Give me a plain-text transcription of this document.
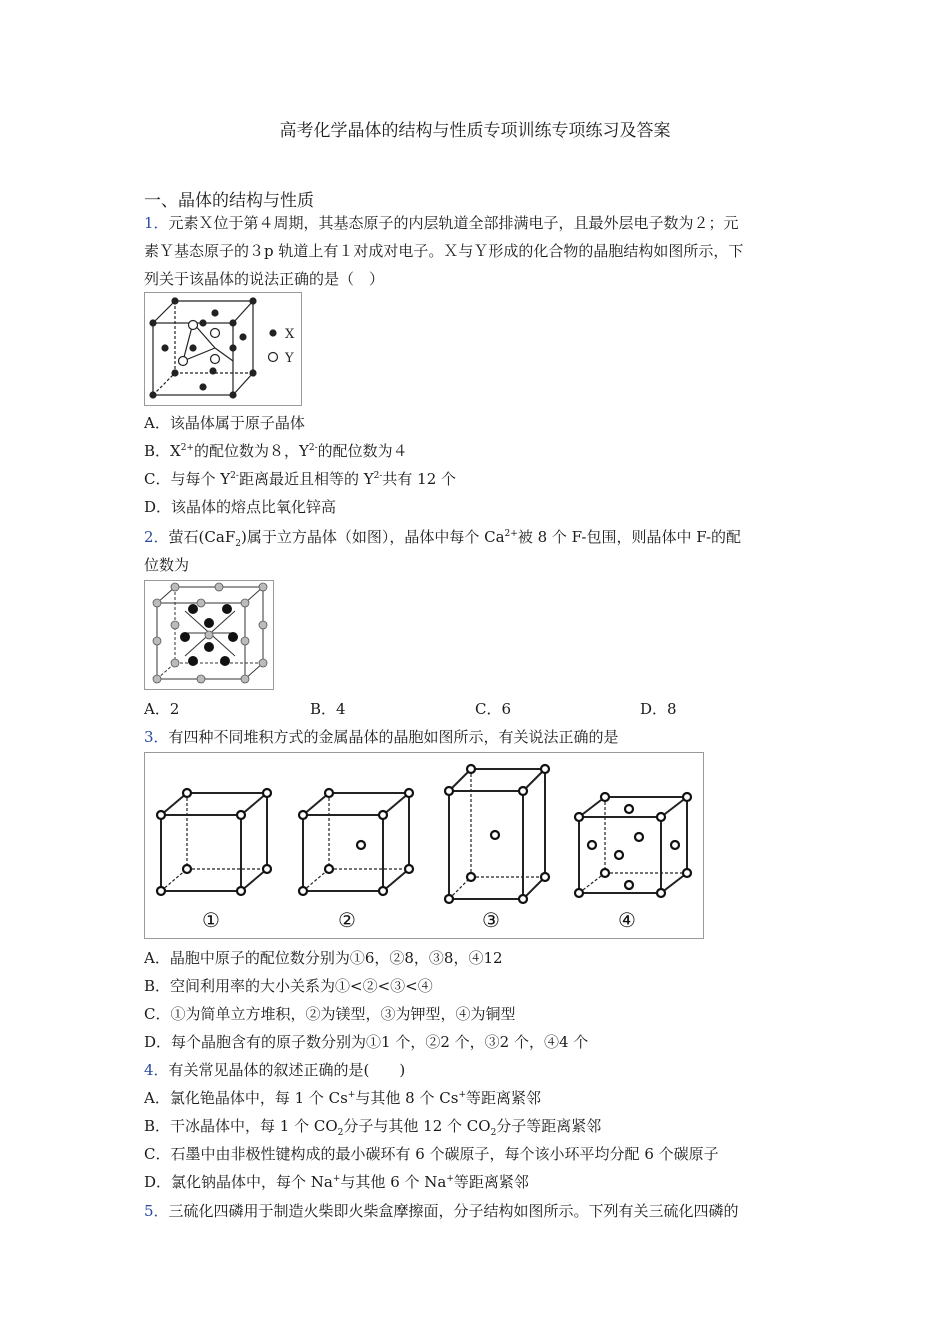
高考化学晶体的结构与性质专项训练专项练习及答案
一、晶体的结构与性质
1．元素Ｘ位于第４周期，其基态原子的内层轨道全部排满电子，且最外层电子数为２；元
素Ｙ基态原子的３p 轨道上有１对成对电子。Ｘ与Ｙ形成的化合物的晶胞结构如图所示，下
列关于该晶体的说法正确的是（　）
X
Y
A．该晶体属于原子晶体
B．$X^{2+}$的配位数为８，$Y^{2-}$的配位数为４
C．与每个 $Y^{2-}$距离最近且相等的 $Y^{2-}$共有 12 个
D．该晶体的熔点比氧化锌高
2．萤石(CaF$_2$)属于立方晶体（如图），晶体中每个 $Ca^{2+}$被 8 个 F-包围，则晶体中 F-的配
位数为
A．2	B．4	C．6	D．8
3．有四种不同堆积方式的金属晶体的晶胞如图所示，有关说法正确的是
①	②	③	④
A．晶胞中原子的配位数分别为①6，②8，③8，④12
B．空间利用率的大小关系为①<②<③<④
C．①为简单立方堆积，②为镁型，③为钾型，④为铜型
D．每个晶胞含有的原子数分别为①1 个，②2 个，③2 个，④4 个
4．有关常见晶体的叙述正确的是(　　)
A．氯化铯晶体中，每 1 个 Cs+与其他 8 个 Cs+等距离紧邻
B．干冰晶体中，每 1 个 $CO_2$分子与其他 12 个 $CO_2$分子等距离紧邻
C．石墨中由非极性键构成的最小碳环有 6 个碳原子，每个该小环平均分配 6 个碳原子
D．氯化钠晶体中，每个 Na+与其他 6 个 Na+等距离紧邻
5．三硫化四磷用于制造火柴即火柴盒摩擦面，分子结构如图所示。下列有关三硫化四磷的
